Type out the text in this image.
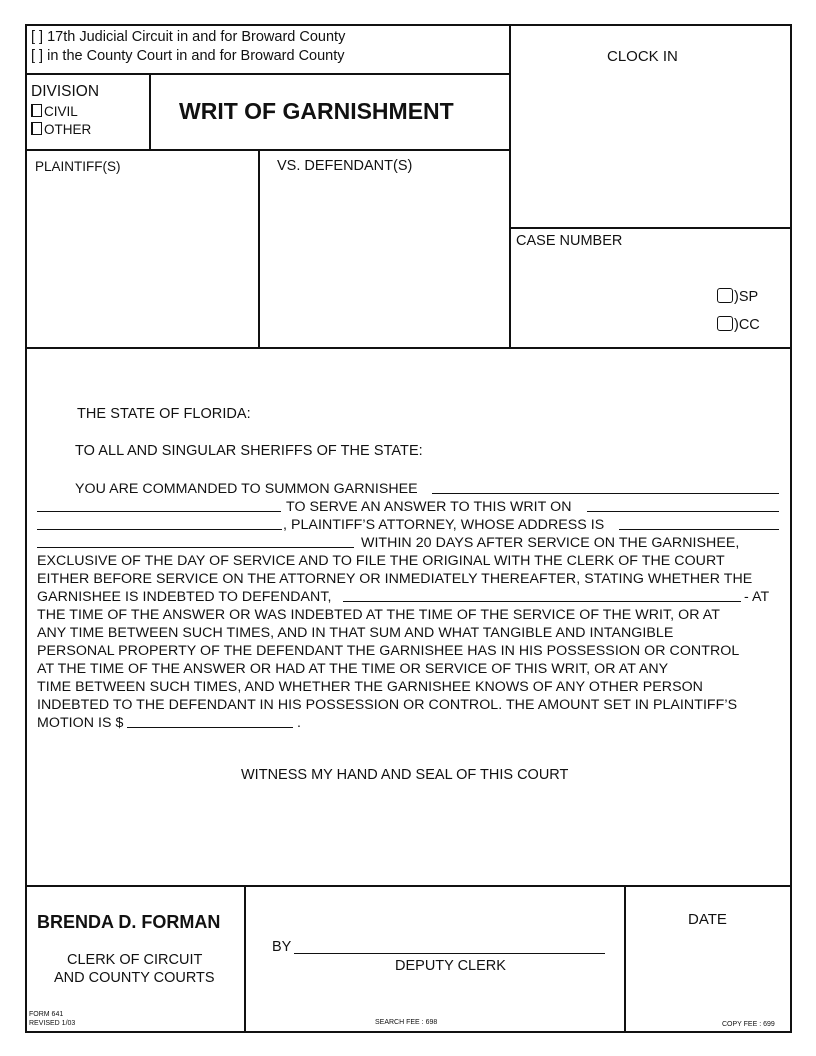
[ ] 17th Judicial Circuit in and for Broward County
[ ] in the County Court in and for Broward County	CLOCK IN
DIVISION
CIVIL
OTHER
WRIT OF GARNISHMENT
PLAINTIFF(S)	VS. DEFENDANT(S)
CASE NUMBER
)SP
)CC
THE STATE OF FLORIDA:
TO ALL AND SINGULAR SHERIFFS OF THE STATE:
YOU ARE COMMANDED TO SUMMON GARNISHEE
TO SERVE AN ANSWER TO THIS WRIT ON
, PLAINTIFF’S ATTORNEY, WHOSE ADDRESS IS
WITHIN 20 DAYS AFTER SERVICE ON THE GARNISHEE,
EXCLUSIVE OF THE DAY OF SERVICE AND TO FILE THE ORIGINAL WITH THE CLERK OF THE COURT
EITHER BEFORE SERVICE ON THE ATTORNEY OR INMEDIATELY THEREAFTER, STATING WHETHER THE
GARNISHEE IS INDEBTED TO DEFENDANT,	- AT
THE TIME OF THE ANSWER OR WAS INDEBTED AT THE TIME OF THE SERVICE OF THE WRIT, OR AT
ANY TIME BETWEEN SUCH TIMES, AND IN THAT SUM AND WHAT TANGIBLE AND INTANGIBLE
PERSONAL PROPERTY OF THE DEFENDANT THE GARNISHEE HAS IN HIS POSSESSION OR CONTROL
AT THE TIME OF THE ANSWER OR HAD AT THE TIME OR SERVICE OF THIS WRIT, OR AT ANY
TIME BETWEEN SUCH TIMES, AND WHETHER THE GARNISHEE KNOWS OF ANY OTHER PERSON
INDEBTED TO THE DEFENDANT IN HIS POSSESSION OR CONTROL. THE AMOUNT SET IN PLAINTIFF’S
MOTION IS $	.
WITNESS MY HAND AND SEAL OF THIS COURT
BRENDA D. FORMAN
CLERK OF CIRCUIT
AND COUNTY COURTS
BY
DEPUTY CLERK
DATE
FORM 641
REVISED 1/03	SEARCH FEE : 698	COPY FEE : 699
